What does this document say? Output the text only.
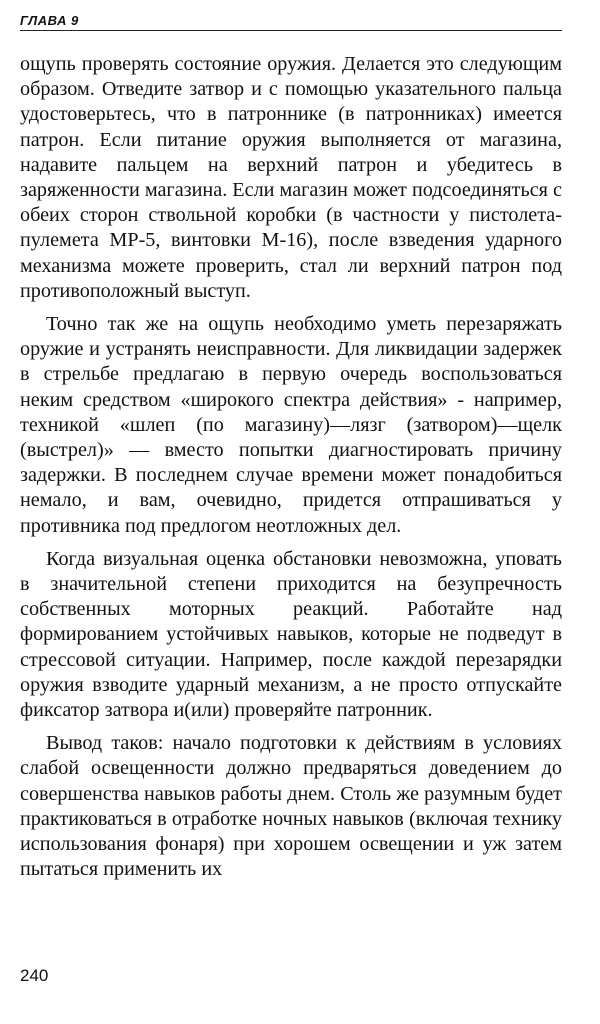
ГЛАВА 9

ощупь проверять состояние оружия. Делается это следующим образом. Отведите затвор и с помощью указательного пальца удостоверьтесь, что в патроннике (в патронниках) имеется патрон. Если питание оружия выполняется от магазина, надавите пальцем на верхний патрон и убедитесь в заряженности магазина. Если магазин может подсоединяться с обеих сторон ствольной коробки (в частности у пистолета-пулемета МР-5, винтовки М-16), после взведения ударного механизма можете проверить, стал ли верхний патрон под противоположный выступ.

Точно так же на ощупь необходимо уметь перезаряжать оружие и устранять неисправности. Для ликвидации задержек в стрельбе предлагаю в первую очередь воспользоваться неким средством «широкого спектра действия» - например, техникой «шлеп (по магазину)—лязг (затвором)—щелк (выстрел)» — вместо попытки диагностировать причину задержки. В последнем случае времени может понадобиться немало, и вам, очевидно, придется отпрашиваться у противника под предлогом неотложных дел.

Когда визуальная оценка обстановки невозможна, уповать в значительной степени приходится на безупречность собственных моторных реакций. Работайте над формированием устойчивых навыков, которые не подведут в стрессовой ситуации. Например, после каждой перезарядки оружия взводите ударный механизм, а не просто отпускайте фиксатор затвора и(или) проверяйте патронник.

Вывод таков: начало подготовки к действиям в условиях слабой освещенности должно предваряться доведением до совершенства навыков работы днем. Столь же разумным будет практиковаться в отработке ночных навыков (включая технику использования фонаря) при хорошем освещении и уж затем пытаться применить их

240
